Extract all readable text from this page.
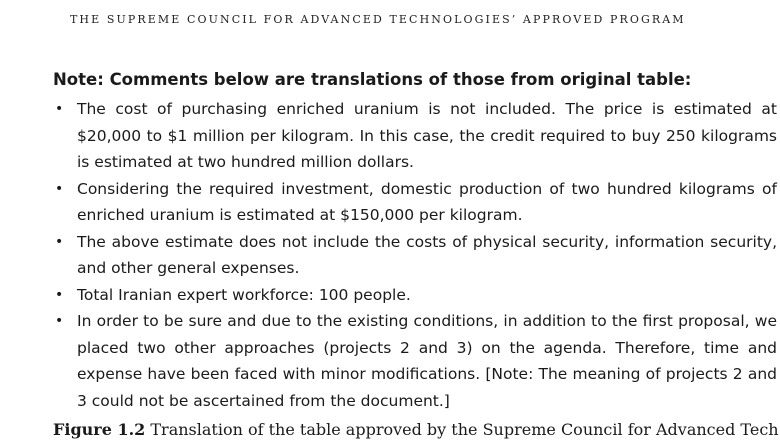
the supreme council for advanced technologies’ approved program

Note: Comments below are translations of those from original table:

• The cost of purchasing enriched uranium is not included. The price is estimated at $20,000 to $1 million per kilogram. In this case, the credit required to buy 250 kilograms is estimated at two hundred million dollars.
• Considering the required investment, domestic production of two hundred kilograms of enriched uranium is estimated at $150,000 per kilogram.
• The above estimate does not include the costs of physical security, information security, and other general expenses.
• Total Iranian expert workforce: 100 people.
• In order to be sure and due to the existing conditions, in addition to the first proposal, we placed two other approaches (projects 2 and 3) on the agenda. Therefore, time and expense have been faced with minor modifications. [Note: The meaning of projects 2 and 3 could not be ascertained from the document.]
Figure 1.2 Translation of the table approved by the Supreme Council for Advanced Tech
